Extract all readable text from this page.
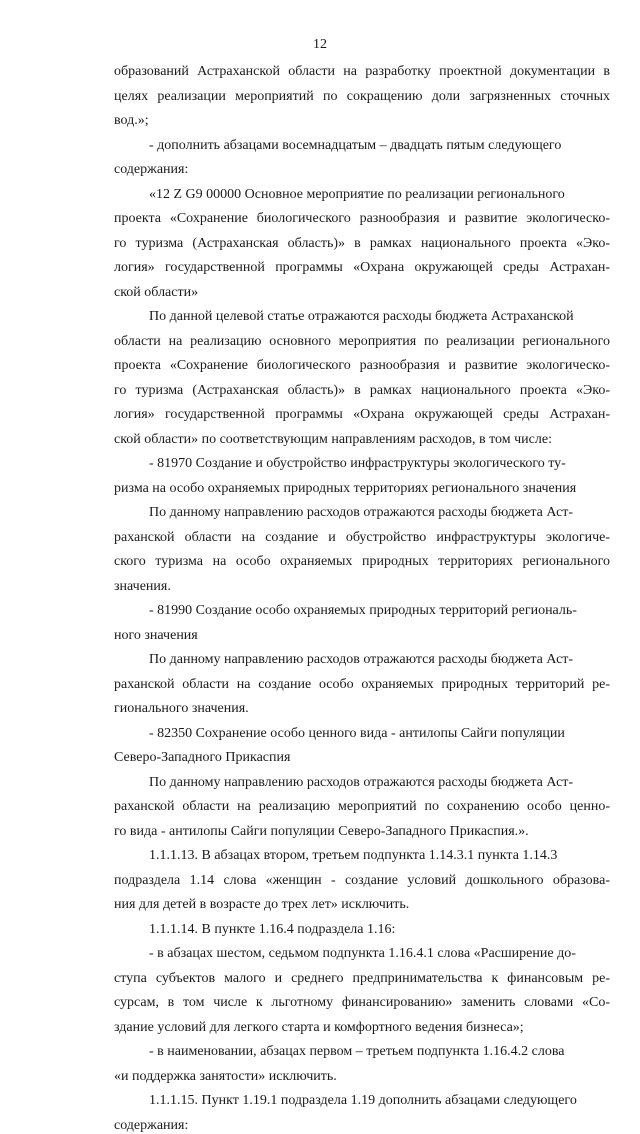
12
образований Астраханской области на разработку проектной документации в
целях реализации мероприятий по сокращению доли загрязненных сточных
вод.»;
- дополнить абзацами восемнадцатым – двадцать пятым следующего
содержания:
«12 Z G9 00000 Основное мероприятие по реализации регионального
проекта «Сохранение биологического разнообразия и развитие экологическо-
го туризма (Астраханская область)» в рамках национального проекта «Эко-
логия» государственной программы «Охрана окружающей среды Астрахан-
ской области»
По данной целевой статье отражаются расходы бюджета Астраханской
области на реализацию основного мероприятия по реализации регионального
проекта «Сохранение биологического разнообразия и развитие экологическо-
го туризма (Астраханская область)» в рамках национального проекта «Эко-
логия» государственной программы «Охрана окружающей среды Астрахан-
ской области» по соответствующим направлениям расходов, в том числе:
- 81970 Создание и обустройство инфраструктуры экологического ту-
ризма на особо охраняемых природных территориях регионального значения
По данному направлению расходов отражаются расходы бюджета Аст-
раханской области на создание и обустройство инфраструктуры экологиче-
ского туризма на особо охраняемых природных территориях регионального
значения.
- 81990 Создание особо охраняемых природных территорий региональ-
ного значения
По данному направлению расходов отражаются расходы бюджета Аст-
раханской области на создание особо охраняемых природных территорий ре-
гионального значения.
- 82350 Сохранение особо ценного вида - антилопы Сайги популяции
Северо-Западного Прикаспия
По данному направлению расходов отражаются расходы бюджета Аст-
раханской области на реализацию мероприятий по сохранению особо ценно-
го вида - антилопы Сайги популяции Северо-Западного Прикаспия.».
1.1.1.13. В абзацах втором, третьем подпункта 1.14.3.1 пункта 1.14.3
подраздела 1.14 слова «женщин - создание условий дошкольного образова-
ния для детей в возрасте до трех лет» исключить.
1.1.1.14. В пункте 1.16.4 подраздела 1.16:
- в абзацах шестом, седьмом подпункта 1.16.4.1 слова «Расширение до-
ступа субъектов малого и среднего предпринимательства к финансовым ре-
сурсам, в том числе к льготному финансированию» заменить словами «Со-
здание условий для легкого старта и комфортного ведения бизнеса»;
- в наименовании, абзацах первом – третьем подпункта 1.16.4.2 слова
«и поддержка занятости» исключить.
1.1.1.15. Пункт 1.19.1 подраздела 1.19 дополнить абзацами следующего
содержания:
